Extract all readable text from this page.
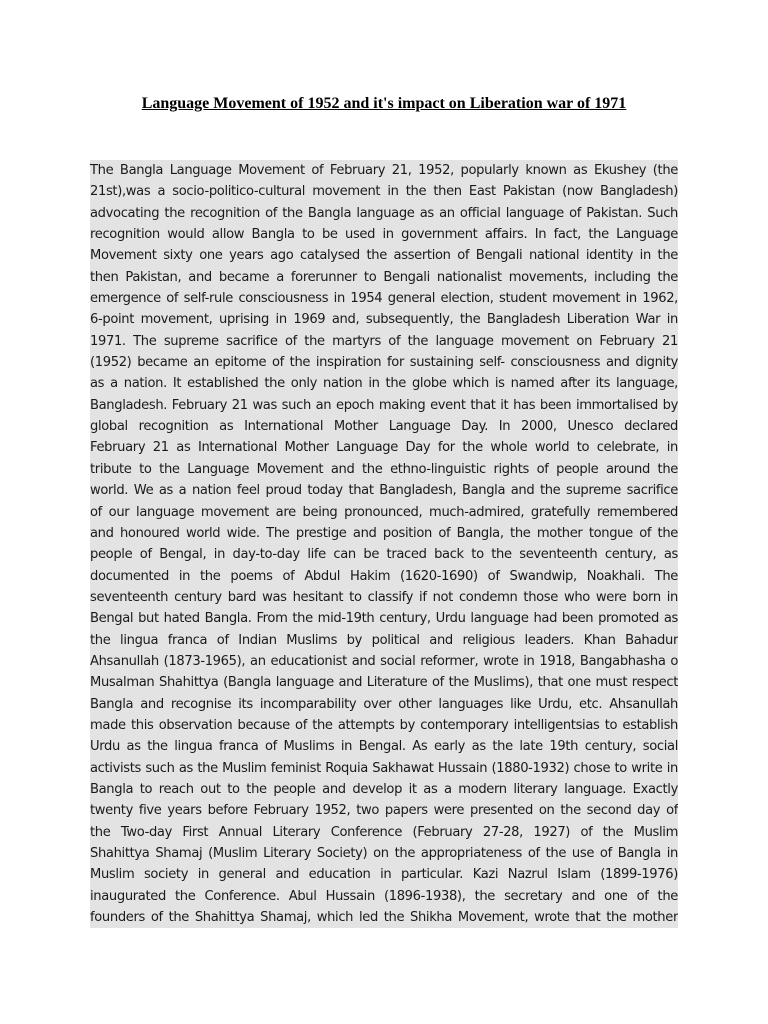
Language Movement of 1952 and it's impact on Liberation war of 1971
The Bangla Language Movement of February 21, 1952, popularly known as Ekushey (the
21st),was a socio-politico-cultural movement in the then East Pakistan (now Bangladesh)
advocating the recognition of the Bangla language as an official language of Pakistan. Such
recognition would allow Bangla to be used in government affairs. In fact, the Language
Movement sixty one years ago catalysed the assertion of Bengali national identity in the
then Pakistan, and became a forerunner to Bengali nationalist movements, including the
emergence of self-rule consciousness in 1954 general election, student movement in 1962,
6-point movement, uprising in 1969 and, subsequently, the Bangladesh Liberation War in
1971. The supreme sacrifice of the martyrs of the language movement on February 21
(1952) became an epitome of the inspiration for sustaining self- consciousness and dignity
as a nation. It established the only nation in the globe which is named after its language,
Bangladesh. February 21 was such an epoch making event that it has been immortalised by
global recognition as International Mother Language Day. In 2000, Unesco declared
February 21 as International Mother Language Day for the whole world to celebrate, in
tribute to the Language Movement and the ethno-linguistic rights of people around the
world. We as a nation feel proud today that Bangladesh, Bangla and the supreme sacrifice
of our language movement are being pronounced, much-admired, gratefully remembered
and honoured world wide. The prestige and position of Bangla, the mother tongue of the
people of Bengal, in day-to-day life can be traced back to the seventeenth century, as
documented in the poems of Abdul Hakim (1620-1690) of Swandwip, Noakhali. The
seventeenth century bard was hesitant to classify if not condemn those who were born in
Bengal but hated Bangla. From the mid-19th century, Urdu language had been promoted as
the lingua franca of Indian Muslims by political and religious leaders. Khan Bahadur
Ahsanullah (1873-1965), an educationist and social reformer, wrote in 1918, Bangabhasha o
Musalman Shahittya (Bangla language and Literature of the Muslims), that one must respect
Bangla and recognise its incomparability over other languages like Urdu, etc. Ahsanullah
made this observation because of the attempts by contemporary intelligentsias to establish
Urdu as the lingua franca of Muslims in Bengal. As early as the late 19th century, social
activists such as the Muslim feminist Roquia Sakhawat Hussain (1880-1932) chose to write in
Bangla to reach out to the people and develop it as a modern literary language. Exactly
twenty five years before February 1952, two papers were presented on the second day of
the Two-day First Annual Literary Conference (February 27-28, 1927) of the Muslim
Shahittya Shamaj (Muslim Literary Society) on the appropriateness of the use of Bangla in
Muslim society in general and education in particular. Kazi Nazrul Islam (1899-1976)
inaugurated the Conference. Abul Hussain (1896-1938), the secretary and one of the
founders of the Shahittya Shamaj, which led the Shikha Movement, wrote that the mother
